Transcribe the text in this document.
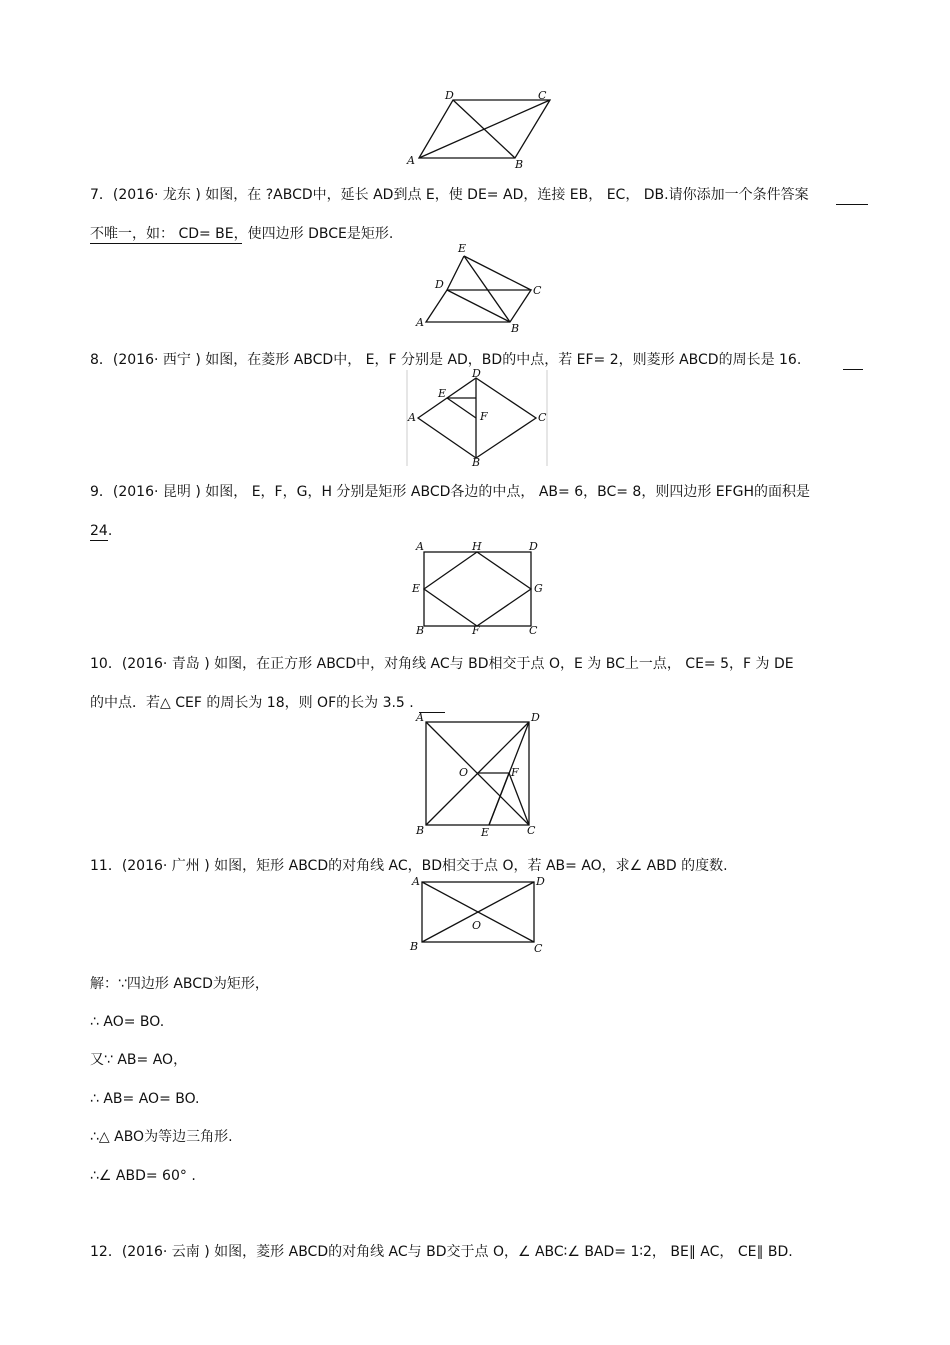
A	B
C
D
7．(2016· 龙东 ) 如图，在 ?ABCD中，延长 AD到点 E，使 DE= AD，连接 EB， EC， DB.请你添加一个条件答案
不唯一，如： CD= BE，使四边形 DBCE是矩形.
A	B
C
D
E
8．(2016· 西宁 ) 如图，在菱形 ABCD中， E，F 分别是 AD，BD的中点，若 EF= 2，则菱形 ABCD的周长是 16.
A
B
C
D
E
F
9．(2016· 昆明 ) 如图， E，F，G，H 分别是矩形 ABCD各边的中点， AB= 6，BC= 8，则四边形 EFGH的面积是
24.
A	H	D
E	G
B	F	C
10．(2016· 青岛 ) 如图，在正方形 ABCD中，对角线 AC与 BD相交于点 O，E 为 BC上一点， CE= 5，F 为 DE
的中点．若△ CEF 的周长为 18，则 OF的长为 3.5 .
A	D
O	F
B	E	C
11．(2016· 广州 ) 如图，矩形 ABCD的对角线 AC，BD相交于点 O，若 AB= AO，求∠ ABD 的度数.
A	D
O
B	C
解：∵四边形 ABCD为矩形，
∴ AO= BO.
又∵ AB= AO，
∴ AB= AO= BO.
∴△ ABO为等边三角形.
∴∠ ABD= 60° .
12．(2016· 云南 ) 如图，菱形 ABCD的对角线 AC与 BD交于点 O，∠ ABC∶∠ BAD= 1∶2， BE∥ AC， CE∥ BD.
